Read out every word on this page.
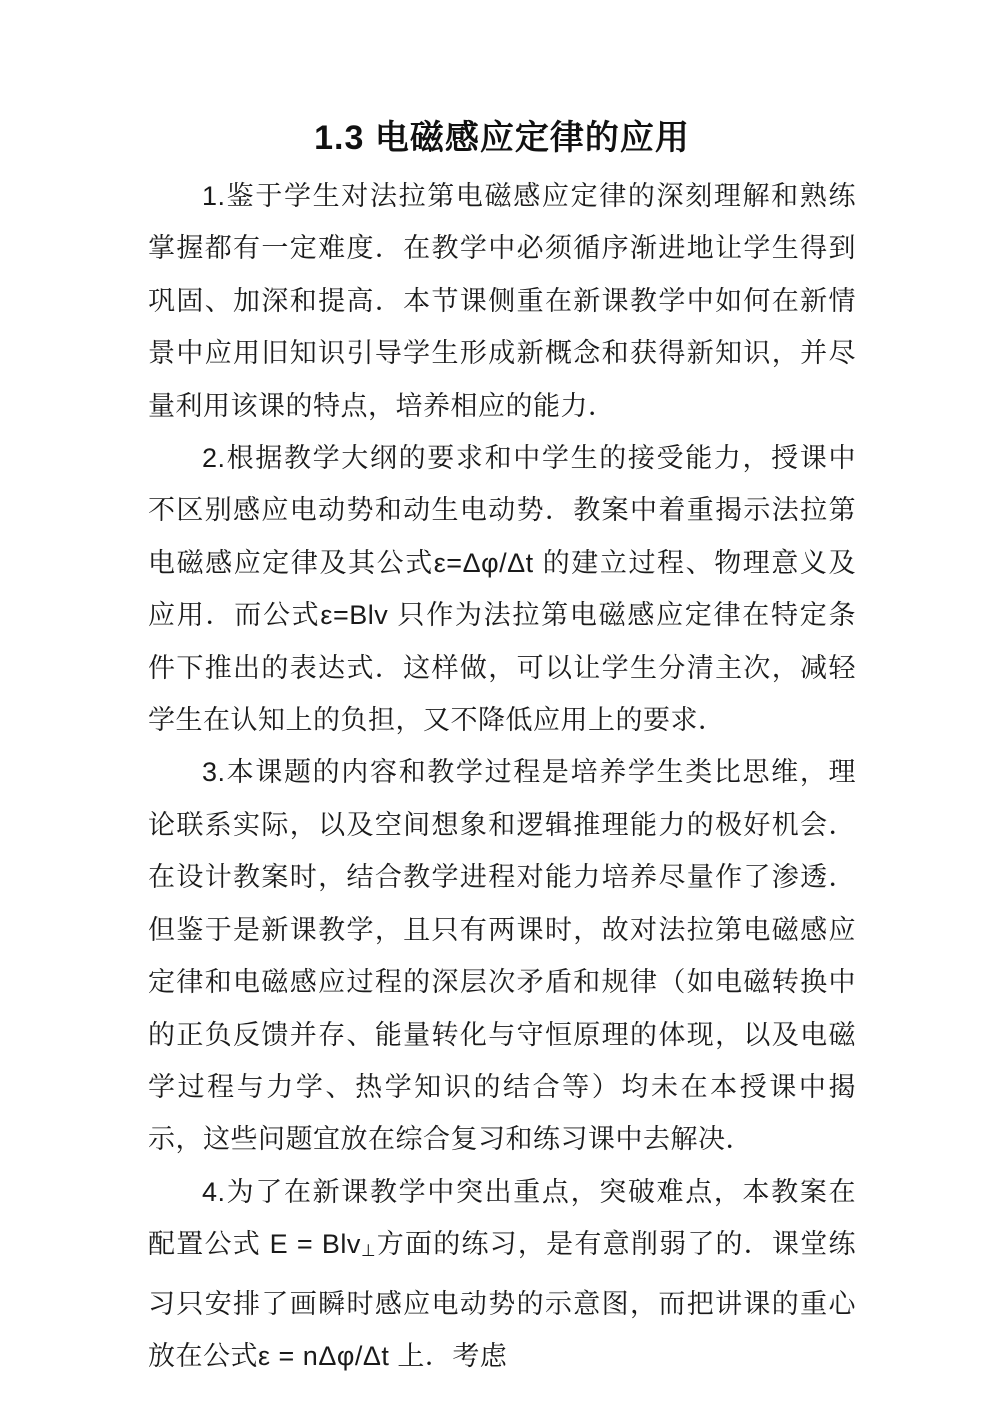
1.3 电磁感应定律的应用

1.鉴于学生对法拉第电磁感应定律的深刻理解和熟练掌握都有一定难度．在教学中必须循序渐进地让学生得到巩固、加深和提高．本节课侧重在新课教学中如何在新情景中应用旧知识引导学生形成新概念和获得新知识，并尽量利用该课的特点，培养相应的能力．

2.根据教学大纲的要求和中学生的接受能力，授课中不区别感应电动势和动生电动势．教案中着重揭示法拉第电磁感应定律及其公式ε=Δφ/Δt 的建立过程、物理意义及应用．而公式ε=Blv 只作为法拉第电磁感应定律在特定条件下推出的表达式．这样做，可以让学生分清主次，减轻学生在认知上的负担，又不降低应用上的要求．

3.本课题的内容和教学过程是培养学生类比思维，理论联系实际，以及空间想象和逻辑推理能力的极好机会．在设计教案时，结合教学进程对能力培养尽量作了渗透．但鉴于是新课教学，且只有两课时，故对法拉第电磁感应定律和电磁感应过程的深层次矛盾和规律（如电磁转换中的正负反馈并存、能量转化与守恒原理的体现，以及电磁学过程与力学、热学知识的结合等）均未在本授课中揭示，这些问题宜放在综合复习和练习课中去解决．

4.为了在新课教学中突出重点，突破难点，本教案在配置公式 E = Blv⊥方面的练习，是有意削弱了的．课堂练习只安排了画瞬时感应电动势的示意图，而把讲课的重心放在公式ε = nΔφ/Δt 上．考虑
